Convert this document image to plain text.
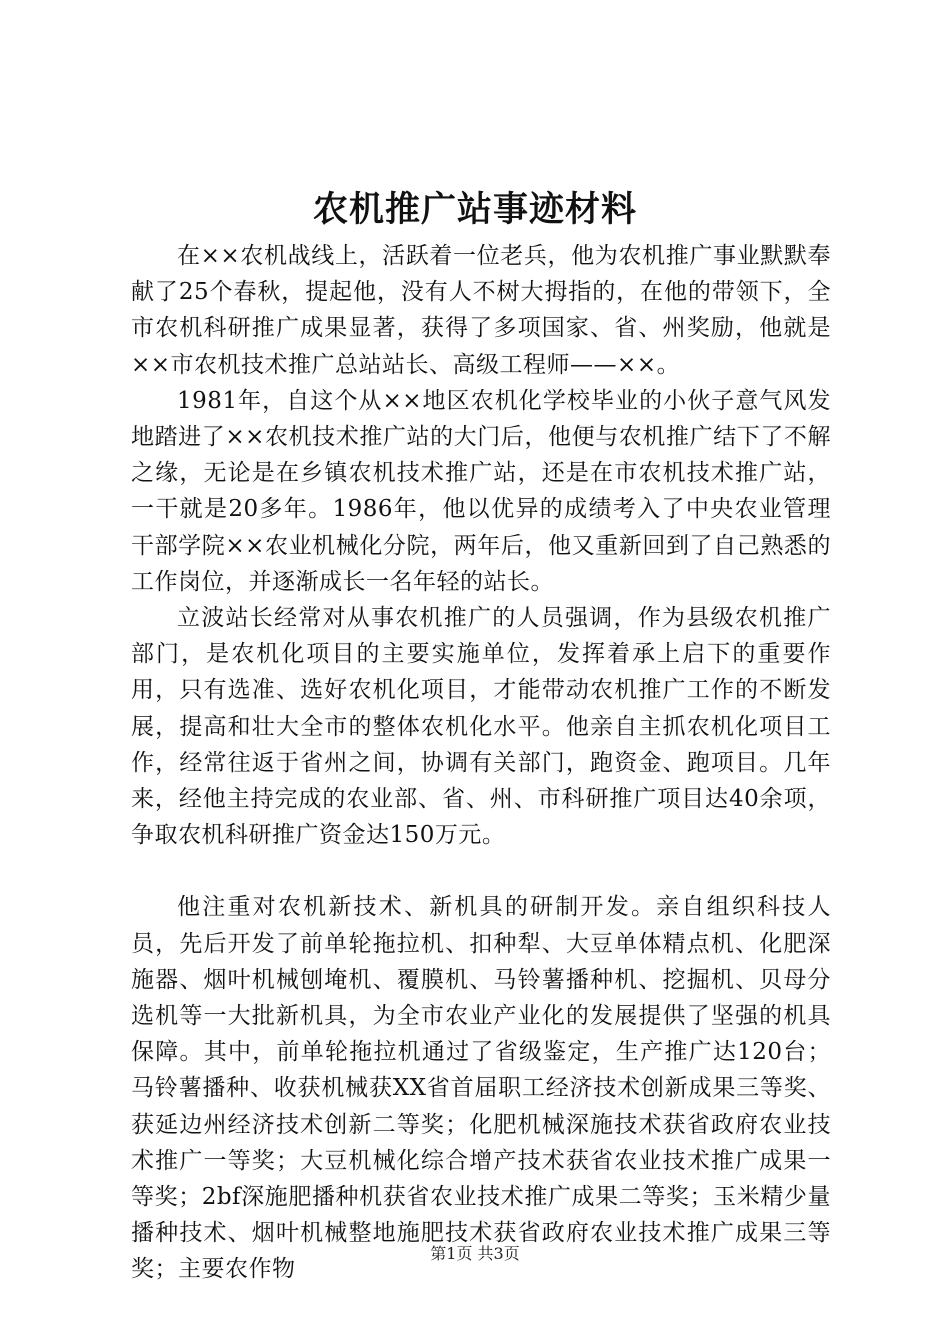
农机推广站事迹材料

在××农机战线上，活跃着一位老兵，他为农机推广事业默默奉献了25个春秋，提起他，没有人不树大拇指的，在他的带领下，全市农机科研推广成果显著，获得了多项国家、省、州奖励，他就是××市农机技术推广总站站长、高级工程师——××。

1981年，自这个从××地区农机化学校毕业的小伙子意气风发地踏进了××农机技术推广站的大门后，他便与农机推广结下了不解之缘，无论是在乡镇农机技术推广站，还是在市农机技术推广站，一干就是20多年。1986年，他以优异的成绩考入了中央农业管理干部学院××农业机械化分院，两年后，他又重新回到了自己熟悉的工作岗位，并逐渐成长一名年轻的站长。

立波站长经常对从事农机推广的人员强调，作为县级农机推广部门，是农机化项目的主要实施单位，发挥着承上启下的重要作用，只有选准、选好农机化项目，才能带动农机推广工作的不断发展，提高和壮大全市的整体农机化水平。他亲自主抓农机化项目工作，经常往返于省州之间，协调有关部门，跑资金、跑项目。几年来，经他主持完成的农业部、省、州、市科研推广项目达40余项，争取农机科研推广资金达150万元。

他注重对农机新技术、新机具的研制开发。亲自组织科技人员，先后开发了前单轮拖拉机、扣种犁、大豆单体精点机、化肥深施器、烟叶机械刨埯机、覆膜机、马铃薯播种机、挖掘机、贝母分选机等一大批新机具，为全市农业产业化的发展提供了坚强的机具保障。其中，前单轮拖拉机通过了省级鉴定，生产推广达120台；马铃薯播种、收获机械获XX省首届职工经济技术创新成果三等奖、获延边州经济技术创新二等奖；化肥机械深施技术获省政府农业技术推广一等奖；大豆机械化综合增产技术获省农业技术推广成果一等奖；2bf深施肥播种机获省农业技术推广成果二等奖；玉米精少量播种技术、烟叶机械整地施肥技术获省政府农业技术推广成果三等奖；主要农作物

第1页 共3页
